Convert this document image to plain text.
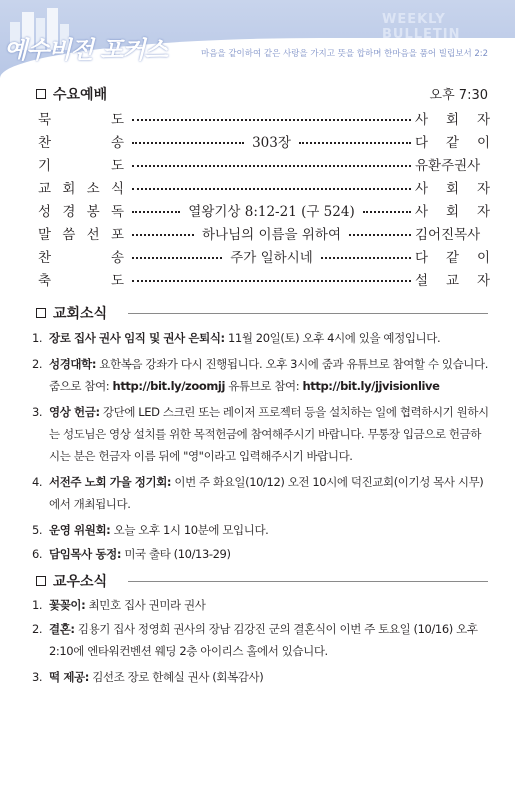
WEEKLY BULLETIN
예수비전 포커스	마음을 같이하여 같은 사랑을 가지고 뜻을 합하며 한마음을 품어 빌립보서 2:2
수요예배	오후 7:30
묵	도	사 회 자
찬	송	303장	다 같 이
기	도	유환주권사
교 회 소 식	사 회 자
성 경 봉 독	열왕기상 8:12-21 (구 524)	사 회 자
말 씀 선 포	하나님의 이름을 위하여	김어진목사
찬	송	주가 일하시네	다 같 이
축	도	설 교 자
교회소식
1. 장로 집사 권사 임직 및 권사 은퇴식: 11월 20일(토) 오후 4시에 있을 예정입니다.
2. 성경대학: 요한복음 강좌가 다시 진행됩니다. 오후 3시에 줌과 유튜브로 참여할 수 있습니다. 줌으로 참여: http://bit.ly/zoomjj 유튜브로 참여: http://bit.ly/jjvisionlive
3. 영상 헌금: 강단에 LED 스크린 또는 레이저 프로젝터 등을 설치하는 일에 협력하시기 원하시는 성도님은 영상 설치를 위한 목적헌금에 참여해주시기 바랍니다. 무통장 입금으로 헌금하시는 분은 헌금자 이름 뒤에 "영"이라고 입력해주시기 바랍니다.
4. 서전주 노회 가을 정기회: 이번 주 화요일(10/12) 오전 10시에 덕진교회(이기성 목사 시무)에서 개최됩니다.
5. 운영 위원회: 오늘 오후 1시 10분에 모입니다.
6. 담임목사 동정: 미국 출타 (10/13-29)
교우소식
1. 꽃꽂이: 최민호 집사 권미라 권사
2. 결혼: 김용기 집사 정영희 권사의 장남 김강진 군의 결혼식이 이번 주 토요일 (10/16) 오후 2:10에 엔타워컨벤션 웨딩 2층 아이리스 홀에서 있습니다.
3. 떡 제공: 김선조 장로 한혜실 권사 (회복감사)
